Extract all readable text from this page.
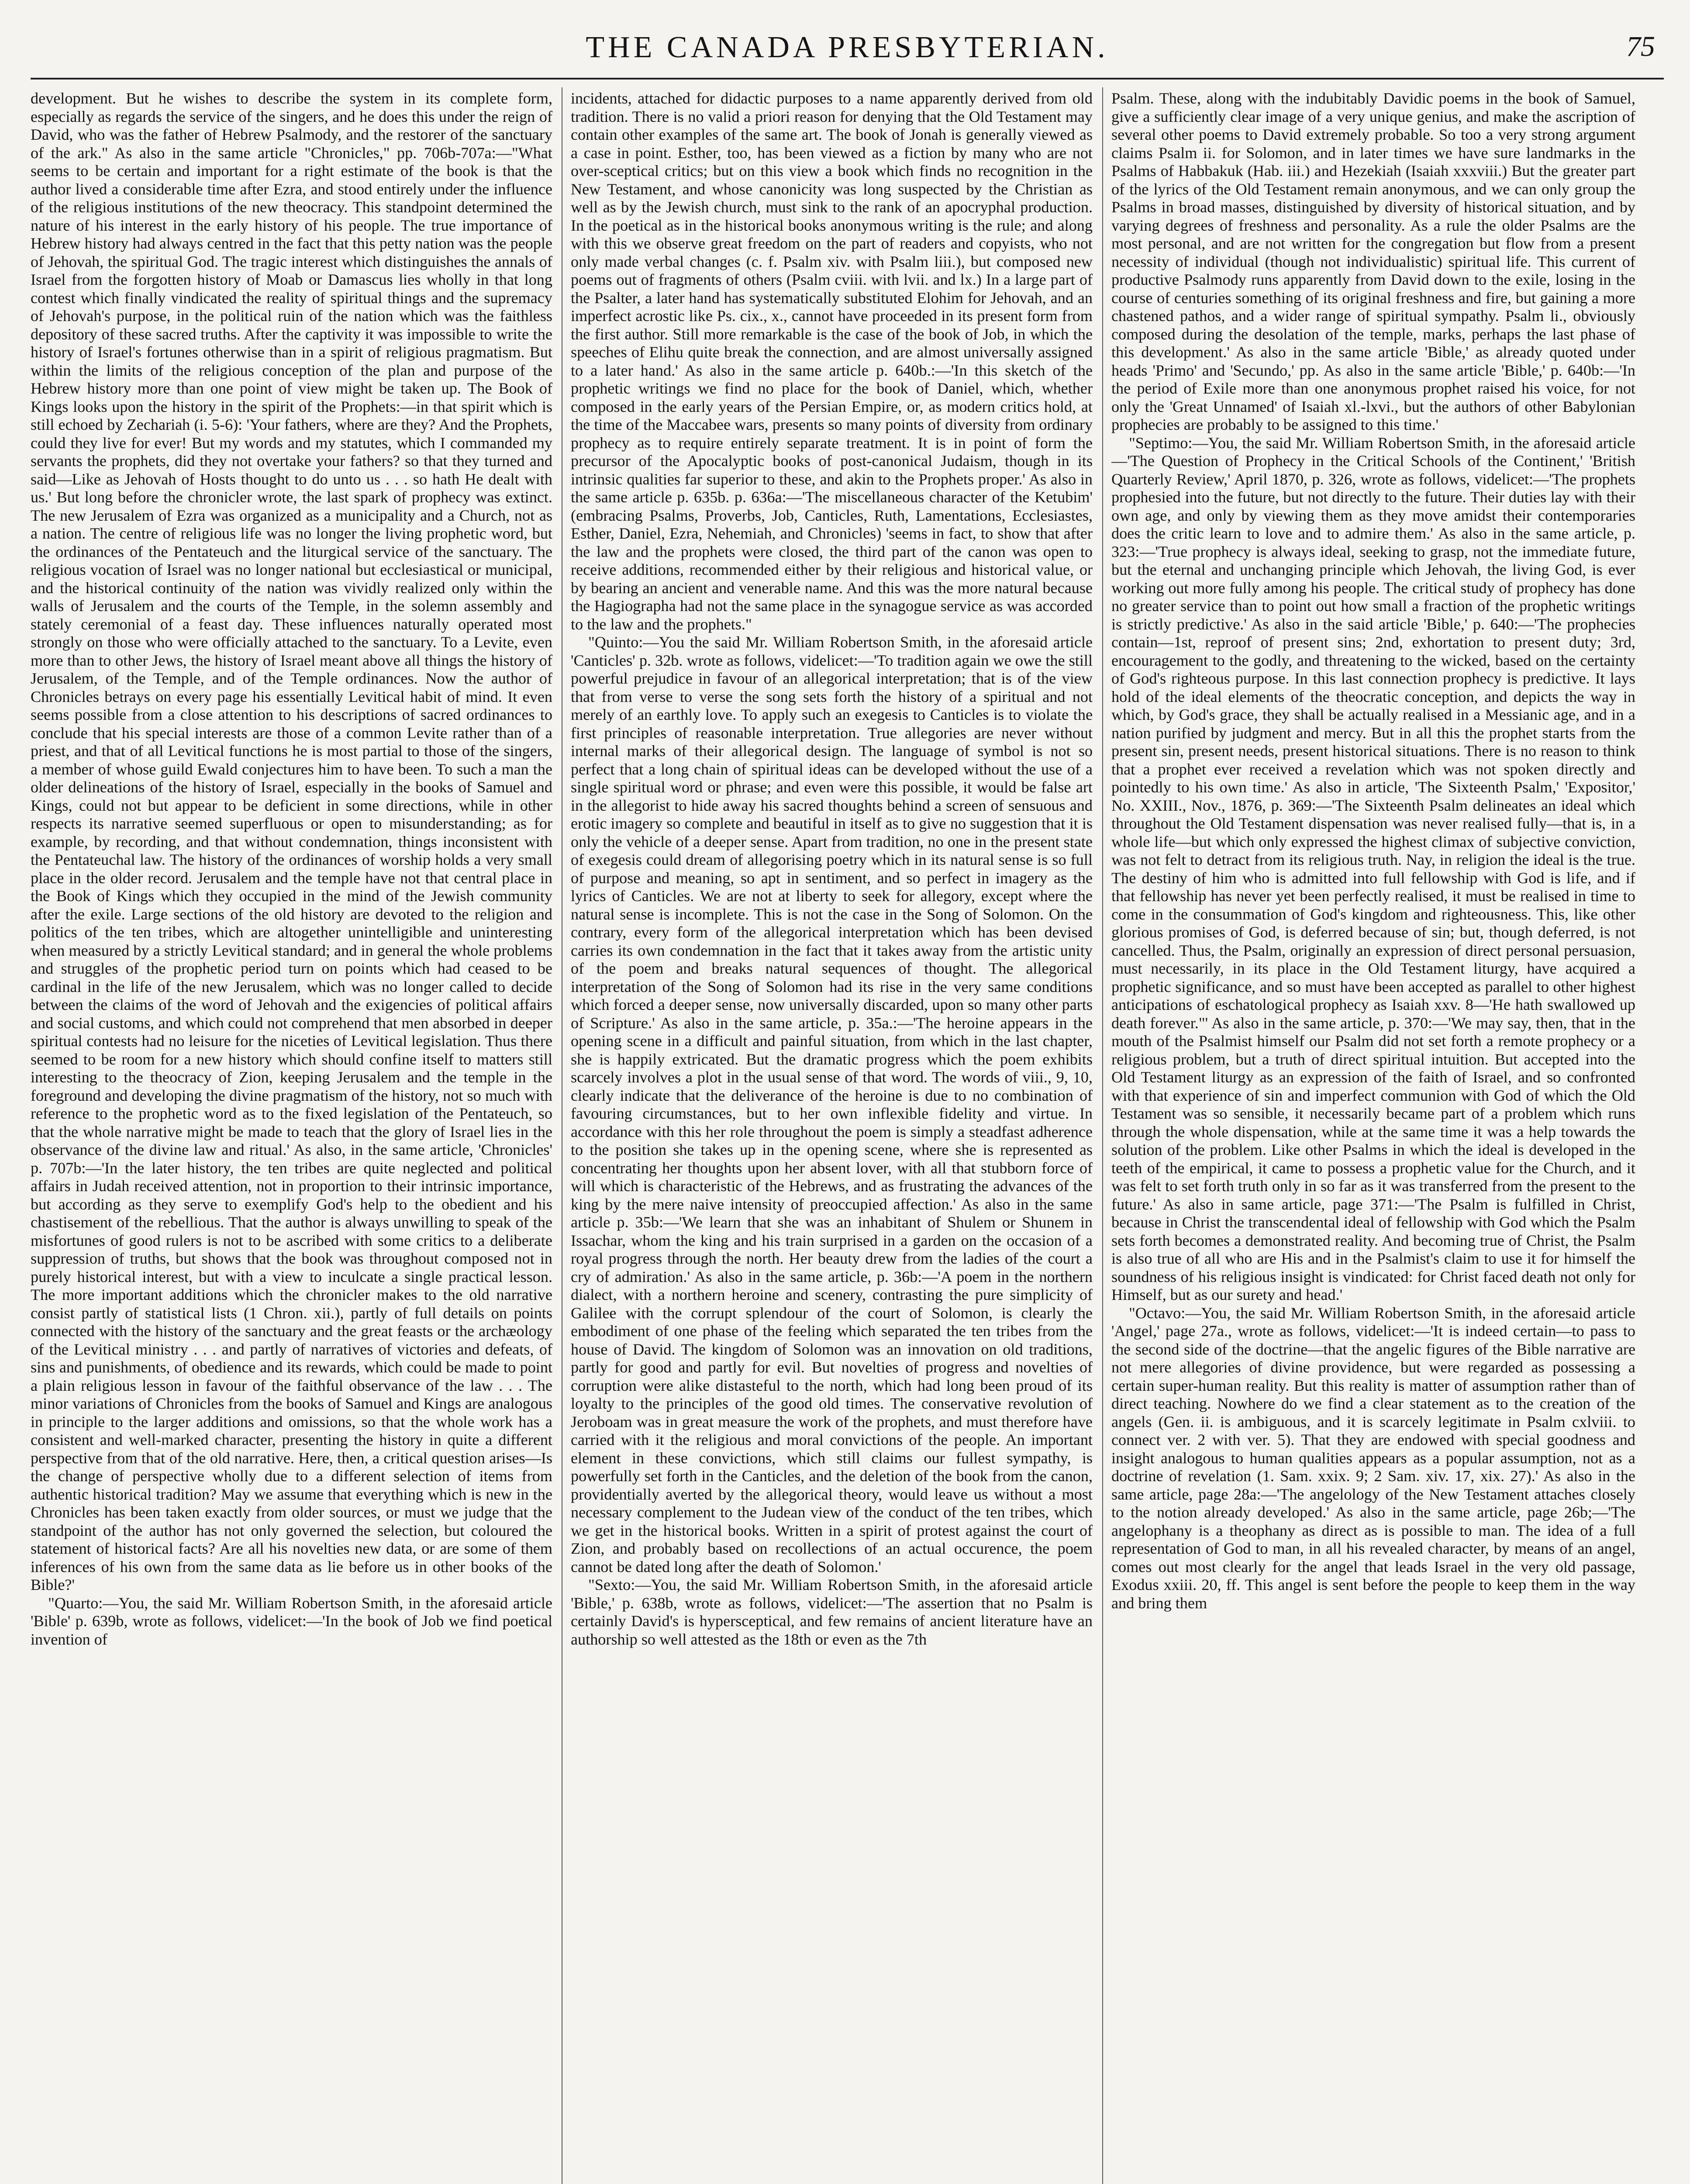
THE CANADA PRESBYTERIAN.	75

development. But he wishes to describe the system in its complete form, especially as regards the service of the singers, and he does this under the reign of David, who was the father of Hebrew Psalmody, and the restorer of the sanctuary of the ark." As also in the same article "Chronicles," pp. 706b-707a:—"What seems to be certain and important for a right estimate of the book is that the author lived a considerable time after Ezra, and stood entirely under the influence of the religious institutions of the new theocracy. This standpoint determined the nature of his interest in the early history of his people. The true importance of Hebrew history had always centred in the fact that this petty nation was the people of Jehovah, the spiritual God. The tragic interest which distinguishes the annals of Israel from the forgotten history of Moab or Damascus lies wholly in that long contest which finally vindicated the reality of spiritual things and the supremacy of Jehovah's purpose, in the political ruin of the nation which was the faithless depository of these sacred truths. After the captivity it was impossible to write the history of Israel's fortunes otherwise than in a spirit of religious pragmatism. But within the limits of the religious conception of the plan and purpose of the Hebrew history more than one point of view might be taken up. The Book of Kings looks upon the history in the spirit of the Prophets:—in that spirit which is still echoed by Zechariah (i. 5-6): 'Your fathers, where are they? And the Prophets, could they live for ever! But my words and my statutes, which I commanded my servants the prophets, did they not overtake your fathers? so that they turned and said—Like as Jehovah of Hosts thought to do unto us . . . so hath He dealt with us.' But long before the chronicler wrote, the last spark of prophecy was extinct. The new Jerusalem of Ezra was organized as a municipality and a Church, not as a nation. The centre of religious life was no longer the living prophetic word, but the ordinances of the Pentateuch and the liturgical service of the sanctuary. The religious vocation of Israel was no longer national but ecclesiastical or municipal, and the historical continuity of the nation was vividly realized only within the walls of Jerusalem and the courts of the Temple, in the solemn assembly and stately ceremonial of a feast day. These influences naturally operated most strongly on those who were officially attached to the sanctuary. To a Levite, even more than to other Jews, the history of Israel meant above all things the history of Jerusalem, of the Temple, and of the Temple ordinances. Now the author of Chronicles betrays on every page his essentially Levitical habit of mind. It even seems possible from a close attention to his descriptions of sacred ordinances to conclude that his special interests are those of a common Levite rather than of a priest, and that of all Levitical functions he is most partial to those of the singers, a member of whose guild Ewald conjectures him to have been. To such a man the older delineations of the history of Israel, especially in the books of Samuel and Kings, could not but appear to be deficient in some directions, while in other respects its narrative seemed superfluous or open to misunderstanding; as for example, by recording, and that without condemnation, things inconsistent with the Pentateuchal law. The history of the ordinances of worship holds a very small place in the older record. Jerusalem and the temple have not that central place in the Book of Kings which they occupied in the mind of the Jewish community after the exile. Large sections of the old history are devoted to the religion and politics of the ten tribes, which are altogether unintelligible and uninteresting when measured by a strictly Levitical standard; and in general the whole problems and struggles of the prophetic period turn on points which had ceased to be cardinal in the life of the new Jerusalem, which was no longer called to decide between the claims of the word of Jehovah and the exigencies of political affairs and social customs, and which could not comprehend that men absorbed in deeper spiritual contests had no leisure for the niceties of Levitical legislation. Thus there seemed to be room for a new history which should confine itself to matters still interesting to the theocracy of Zion, keeping Jerusalem and the temple in the foreground and developing the divine pragmatism of the history, not so much with reference to the prophetic word as to the fixed legislation of the Pentateuch, so that the whole narrative might be made to teach that the glory of Israel lies in the observance of the divine law and ritual.' As also, in the same article, 'Chronicles' p. 707b:—'In the later history, the ten tribes are quite neglected and political affairs in Judah received attention, not in proportion to their intrinsic importance, but according as they serve to exemplify God's help to the obedient and his chastisement of the rebellious. That the author is always unwilling to speak of the misfortunes of good rulers is not to be ascribed with some critics to a deliberate suppression of truths, but shows that the book was throughout composed not in purely historical interest, but with a view to inculcate a single practical lesson. The more important additions which the chronicler makes to the old narrative consist partly of statistical lists (1 Chron. xii.), partly of full details on points connected with the history of the sanctuary and the great feasts or the archæology of the Levitical ministry . . . and partly of narratives of victories and defeats, of sins and punishments, of obedience and its rewards, which could be made to point a plain religious lesson in favour of the faithful observance of the law . . . The minor variations of Chronicles from the books of Samuel and Kings are analogous in principle to the larger additions and omissions, so that the whole work has a consistent and well-marked character, presenting the history in quite a different perspective from that of the old narrative. Here, then, a critical question arises—Is the change of perspective wholly due to a different selection of items from authentic historical tradition? May we assume that everything which is new in the Chronicles has been taken exactly from older sources, or must we judge that the standpoint of the author has not only governed the selection, but coloured the statement of historical facts? Are all his novelties new data, or are some of them inferences of his own from the same data as lie before us in other books of the Bible?'

"Quarto:—You, the said Mr. William Robertson Smith, in the aforesaid article 'Bible' p. 639b, wrote as follows, videlicet:—'In the book of Job we find poetical invention of

incidents, attached for didactic purposes to a name apparently derived from old tradition. There is no valid a priori reason for denying that the Old Testament may contain other examples of the same art. The book of Jonah is generally viewed as a case in point. Esther, too, has been viewed as a fiction by many who are not over-sceptical critics; but on this view a book which finds no recognition in the New Testament, and whose canonicity was long suspected by the Christian as well as by the Jewish church, must sink to the rank of an apocryphal production. In the poetical as in the historical books anonymous writing is the rule; and along with this we observe great freedom on the part of readers and copyists, who not only made verbal changes (c. f. Psalm xiv. with Psalm liii.), but composed new poems out of fragments of others (Psalm cviii. with lvii. and lx.) In a large part of the Psalter, a later hand has systematically substituted Elohim for Jehovah, and an imperfect acrostic like Ps. cix., x., cannot have proceeded in its present form from the first author. Still more remarkable is the case of the book of Job, in which the speeches of Elihu quite break the connection, and are almost universally assigned to a later hand.' As also in the same article p. 640b.:—'In this sketch of the prophetic writings we find no place for the book of Daniel, which, whether composed in the early years of the Persian Empire, or, as modern critics hold, at the time of the Maccabee wars, presents so many points of diversity from ordinary prophecy as to require entirely separate treatment. It is in point of form the precursor of the Apocalyptic books of post-canonical Judaism, though in its intrinsic qualities far superior to these, and akin to the Prophets proper.' As also in the same article p. 635b. p. 636a:—'The miscellaneous character of the Ketubim' (embracing Psalms, Proverbs, Job, Canticles, Ruth, Lamentations, Ecclesiastes, Esther, Daniel, Ezra, Nehemiah, and Chronicles) 'seems in fact, to show that after the law and the prophets were closed, the third part of the canon was open to receive additions, recommended either by their religious and historical value, or by bearing an ancient and venerable name. And this was the more natural because the Hagiographa had not the same place in the synagogue service as was accorded to the law and the prophets."

"Quinto:—You the said Mr. William Robertson Smith, in the aforesaid article 'Canticles' p. 32b. wrote as follows, videlicet:—'To tradition again we owe the still powerful prejudice in favour of an allegorical interpretation; that is of the view that from verse to verse the song sets forth the history of a spiritual and not merely of an earthly love. To apply such an exegesis to Canticles is to violate the first principles of reasonable interpretation. True allegories are never without internal marks of their allegorical design. The language of symbol is not so perfect that a long chain of spiritual ideas can be developed without the use of a single spiritual word or phrase; and even were this possible, it would be false art in the allegorist to hide away his sacred thoughts behind a screen of sensuous and erotic imagery so complete and beautiful in itself as to give no suggestion that it is only the vehicle of a deeper sense. Apart from tradition, no one in the present state of exegesis could dream of allegorising poetry which in its natural sense is so full of purpose and meaning, so apt in sentiment, and so perfect in imagery as the lyrics of Canticles. We are not at liberty to seek for allegory, except where the natural sense is incomplete. This is not the case in the Song of Solomon. On the contrary, every form of the allegorical interpretation which has been devised carries its own condemnation in the fact that it takes away from the artistic unity of the poem and breaks natural sequences of thought. The allegorical interpretation of the Song of Solomon had its rise in the very same conditions which forced a deeper sense, now universally discarded, upon so many other parts of Scripture.' As also in the same article, p. 35a.:—'The heroine appears in the opening scene in a difficult and painful situation, from which in the last chapter, she is happily extricated. But the dramatic progress which the poem exhibits scarcely involves a plot in the usual sense of that word. The words of viii., 9, 10, clearly indicate that the deliverance of the heroine is due to no combination of favouring circumstances, but to her own inflexible fidelity and virtue. In accordance with this her role throughout the poem is simply a steadfast adherence to the position she takes up in the opening scene, where she is represented as concentrating her thoughts upon her absent lover, with all that stubborn force of will which is characteristic of the Hebrews, and as frustrating the advances of the king by the mere naive intensity of preoccupied affection.' As also in the same article p. 35b:—'We learn that she was an inhabitant of Shulem or Shunem in Issachar, whom the king and his train surprised in a garden on the occasion of a royal progress through the north. Her beauty drew from the ladies of the court a cry of admiration.' As also in the same article, p. 36b:—'A poem in the northern dialect, with a northern heroine and scenery, contrasting the pure simplicity of Galilee with the corrupt splendour of the court of Solomon, is clearly the embodiment of one phase of the feeling which separated the ten tribes from the house of David. The kingdom of Solomon was an innovation on old traditions, partly for good and partly for evil. But novelties of progress and novelties of corruption were alike distasteful to the north, which had long been proud of its loyalty to the principles of the good old times. The conservative revolution of Jeroboam was in great measure the work of the prophets, and must therefore have carried with it the religious and moral convictions of the people. An important element in these convictions, which still claims our fullest sympathy, is powerfully set forth in the Canticles, and the deletion of the book from the canon, providentially averted by the allegorical theory, would leave us without a most necessary complement to the Judean view of the conduct of the ten tribes, which we get in the historical books. Written in a spirit of protest against the court of Zion, and probably based on recollections of an actual occurence, the poem cannot be dated long after the death of Solomon.'

"Sexto:—You, the said Mr. William Robertson Smith, in the aforesaid article 'Bible,' p. 638b, wrote as follows, videlicet:—'The assertion that no Psalm is certainly David's is hypersceptical, and few remains of ancient literature have an authorship so well attested as the 18th or even as the 7th

Psalm. These, along with the indubitably Davidic poems in the book of Samuel, give a sufficiently clear image of a very unique genius, and make the ascription of several other poems to David extremely probable. So too a very strong argument claims Psalm ii. for Solomon, and in later times we have sure landmarks in the Psalms of Habbakuk (Hab. iii.) and Hezekiah (Isaiah xxxviii.) But the greater part of the lyrics of the Old Testament remain anonymous, and we can only group the Psalms in broad masses, distinguished by diversity of historical situation, and by varying degrees of freshness and personality. As a rule the older Psalms are the most personal, and are not written for the congregation but flow from a present necessity of individual (though not individualistic) spiritual life. This current of productive Psalmody runs apparently from David down to the exile, losing in the course of centuries something of its original freshness and fire, but gaining a more chastened pathos, and a wider range of spiritual sympathy. Psalm li., obviously composed during the desolation of the temple, marks, perhaps the last phase of this development.' As also in the same article 'Bible,' as already quoted under heads 'Primo' and 'Secundo,' pp. As also in the same article 'Bible,' p. 640b:—'In the period of Exile more than one anonymous prophet raised his voice, for not only the 'Great Unnamed' of Isaiah xl.-lxvi., but the authors of other Babylonian prophecies are probably to be assigned to this time.'

"Septimo:—You, the said Mr. William Robertson Smith, in the aforesaid article—'The Question of Prophecy in the Critical Schools of the Continent,' 'British Quarterly Review,' April 1870, p. 326, wrote as follows, videlicet:—'The prophets prophesied into the future, but not directly to the future. Their duties lay with their own age, and only by viewing them as they move amidst their contemporaries does the critic learn to love and to admire them.' As also in the same article, p. 323:—'True prophecy is always ideal, seeking to grasp, not the immediate future, but the eternal and unchanging principle which Jehovah, the living God, is ever working out more fully among his people. The critical study of prophecy has done no greater service than to point out how small a fraction of the prophetic writings is strictly predictive.' As also in the said article 'Bible,' p. 640:—'The prophecies contain—1st, reproof of present sins; 2nd, exhortation to present duty; 3rd, encouragement to the godly, and threatening to the wicked, based on the certainty of God's righteous purpose. In this last connection prophecy is predictive. It lays hold of the ideal elements of the theocratic conception, and depicts the way in which, by God's grace, they shall be actually realised in a Messianic age, and in a nation purified by judgment and mercy. But in all this the prophet starts from the present sin, present needs, present historical situations. There is no reason to think that a prophet ever received a revelation which was not spoken directly and pointedly to his own time.' As also in article, 'The Sixteenth Psalm,' 'Expositor,' No. XXIII., Nov., 1876, p. 369:—'The Sixteenth Psalm delineates an ideal which throughout the Old Testament dispensation was never realised fully—that is, in a whole life—but which only expressed the highest climax of subjective conviction, was not felt to detract from its religious truth. Nay, in religion the ideal is the true. The destiny of him who is admitted into full fellowship with God is life, and if that fellowship has never yet been perfectly realised, it must be realised in time to come in the consummation of God's kingdom and righteousness. This, like other glorious promises of God, is deferred because of sin; but, though deferred, is not cancelled. Thus, the Psalm, originally an expression of direct personal persuasion, must necessarily, in its place in the Old Testament liturgy, have acquired a prophetic significance, and so must have been accepted as parallel to other highest anticipations of eschatological prophecy as Isaiah xxv. 8—'He hath swallowed up death forever."' As also in the same article, p. 370:—'We may say, then, that in the mouth of the Psalmist himself our Psalm did not set forth a remote prophecy or a religious problem, but a truth of direct spiritual intuition. But accepted into the Old Testament liturgy as an expression of the faith of Israel, and so confronted with that experience of sin and imperfect communion with God of which the Old Testament was so sensible, it necessarily became part of a problem which runs through the whole dispensation, while at the same time it was a help towards the solution of the problem. Like other Psalms in which the ideal is developed in the teeth of the empirical, it came to possess a prophetic value for the Church, and it was felt to set forth truth only in so far as it was transferred from the present to the future.' As also in same article, page 371:—'The Psalm is fulfilled in Christ, because in Christ the transcendental ideal of fellowship with God which the Psalm sets forth becomes a demonstrated reality. And becoming true of Christ, the Psalm is also true of all who are His and in the Psalmist's claim to use it for himself the soundness of his religious insight is vindicated: for Christ faced death not only for Himself, but as our surety and head.'

"Octavo:—You, the said Mr. William Robertson Smith, in the aforesaid article 'Angel,' page 27a., wrote as follows, videlicet:—'It is indeed certain—to pass to the second side of the doctrine—that the angelic figures of the Bible narrative are not mere allegories of divine providence, but were regarded as possessing a certain super-human reality. But this reality is matter of assumption rather than of direct teaching. Nowhere do we find a clear statement as to the creation of the angels (Gen. ii. is ambiguous, and it is scarcely legitimate in Psalm cxlviii. to connect ver. 2 with ver. 5). That they are endowed with special goodness and insight analogous to human qualities appears as a popular assumption, not as a doctrine of revelation (1. Sam. xxix. 9; 2 Sam. xiv. 17, xix. 27).' As also in the same article, page 28a:—'The angelology of the New Testament attaches closely to the notion already developed.' As also in the same article, page 26b;—'The angelophany is a theophany as direct as is possible to man. The idea of a full representation of God to man, in all his revealed character, by means of an angel, comes out most clearly for the angel that leads Israel in the very old passage, Exodus xxiii. 20, ff. This angel is sent before the people to keep them in the way and bring them
